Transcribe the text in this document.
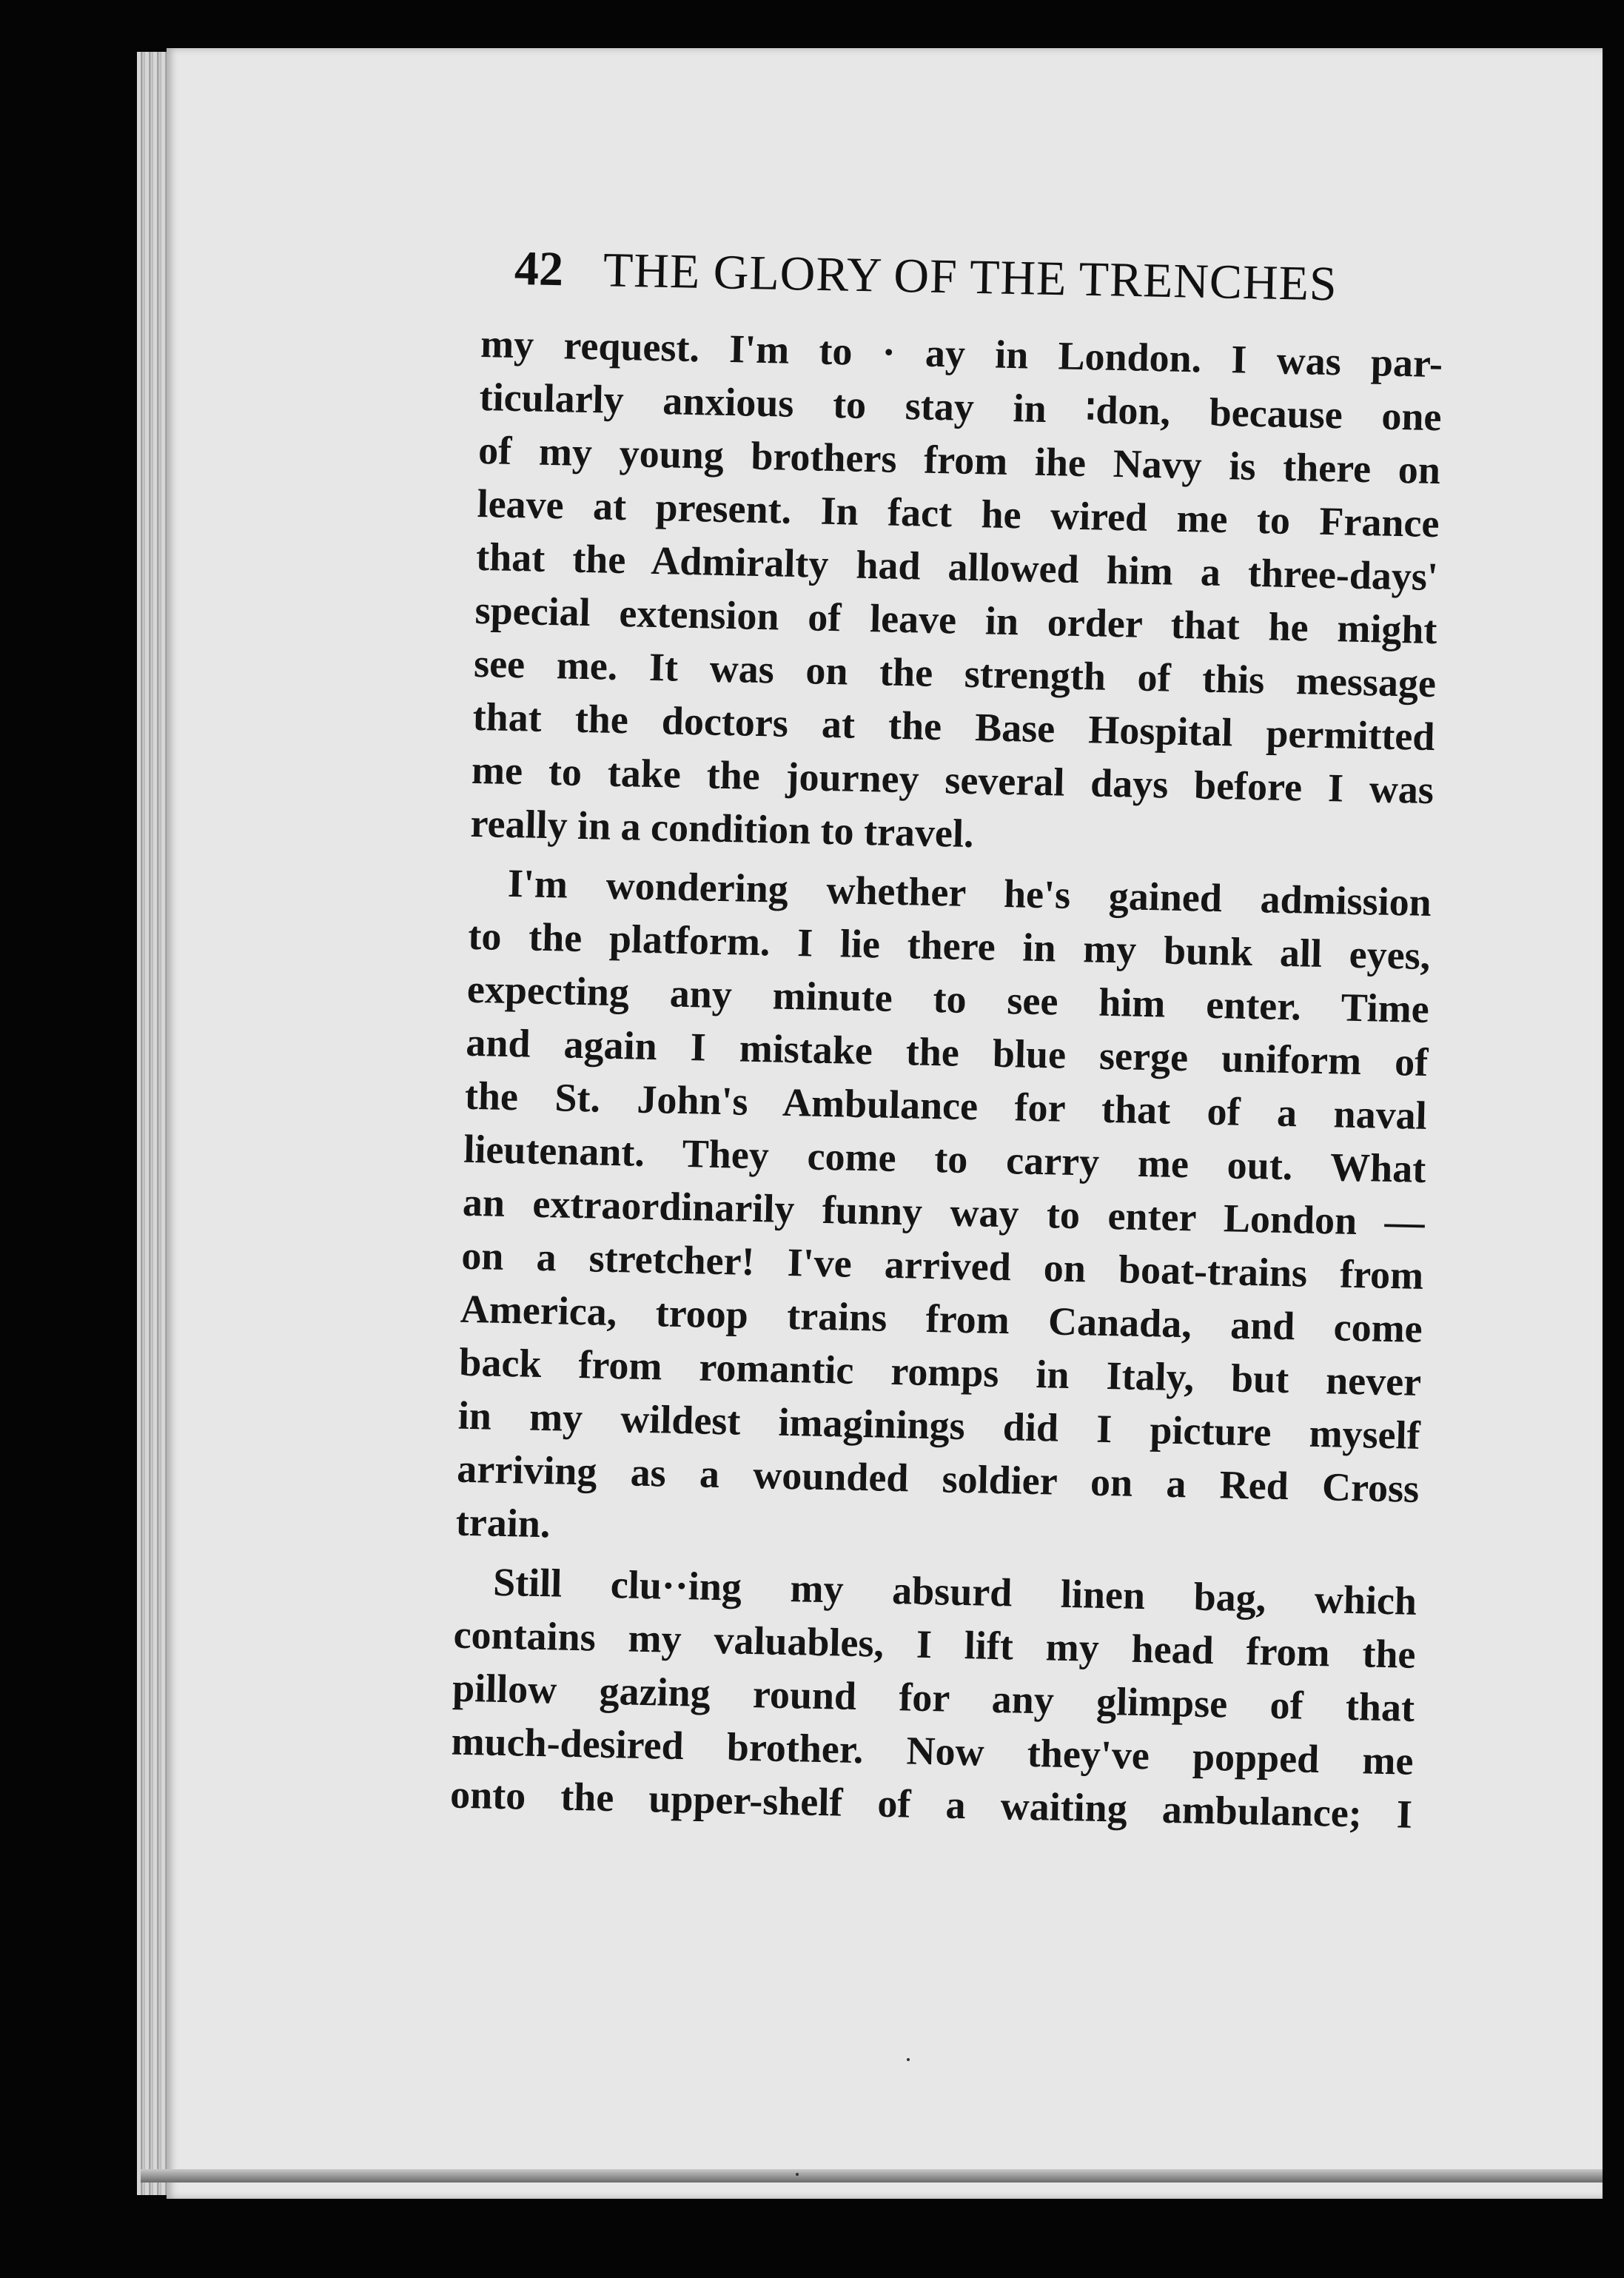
42 THE GLORY OF THE TRENCHES
my request. I'm to · ay in London. I was par-
ticularly anxious to stay in ∶don, because one
of my young brothers from ihe Navy is there on
leave at present. In fact he wired me to France
that the Admiralty had allowed him a three-days'
special extension of leave in order that he might
see me. It was on the strength of this message
that the doctors at the Base Hospital permitted
me to take the journey several days before I was
really in a condition to travel.
I'm wondering whether he's gained admission
to the platform. I lie there in my bunk all eyes,
expecting any minute to see him enter. Time
and again I mistake the blue serge uniform of
the St. John's Ambulance for that of a naval
lieutenant. They come to carry me out. What
an extraordinarily funny way to enter London —
on a stretcher! I've arrived on boat-trains from
America, troop trains from Canada, and come
back from romantic romps in Italy, but never
in my wildest imaginings did I picture myself
arriving as a wounded soldier on a Red Cross
train.
Still clu··ing my absurd linen bag, which
contains my valuables, I lift my head from the
pillow gazing round for any glimpse of that
much-desired brother. Now they've popped me
onto the upper-shelf of a waiting ambulance; I
